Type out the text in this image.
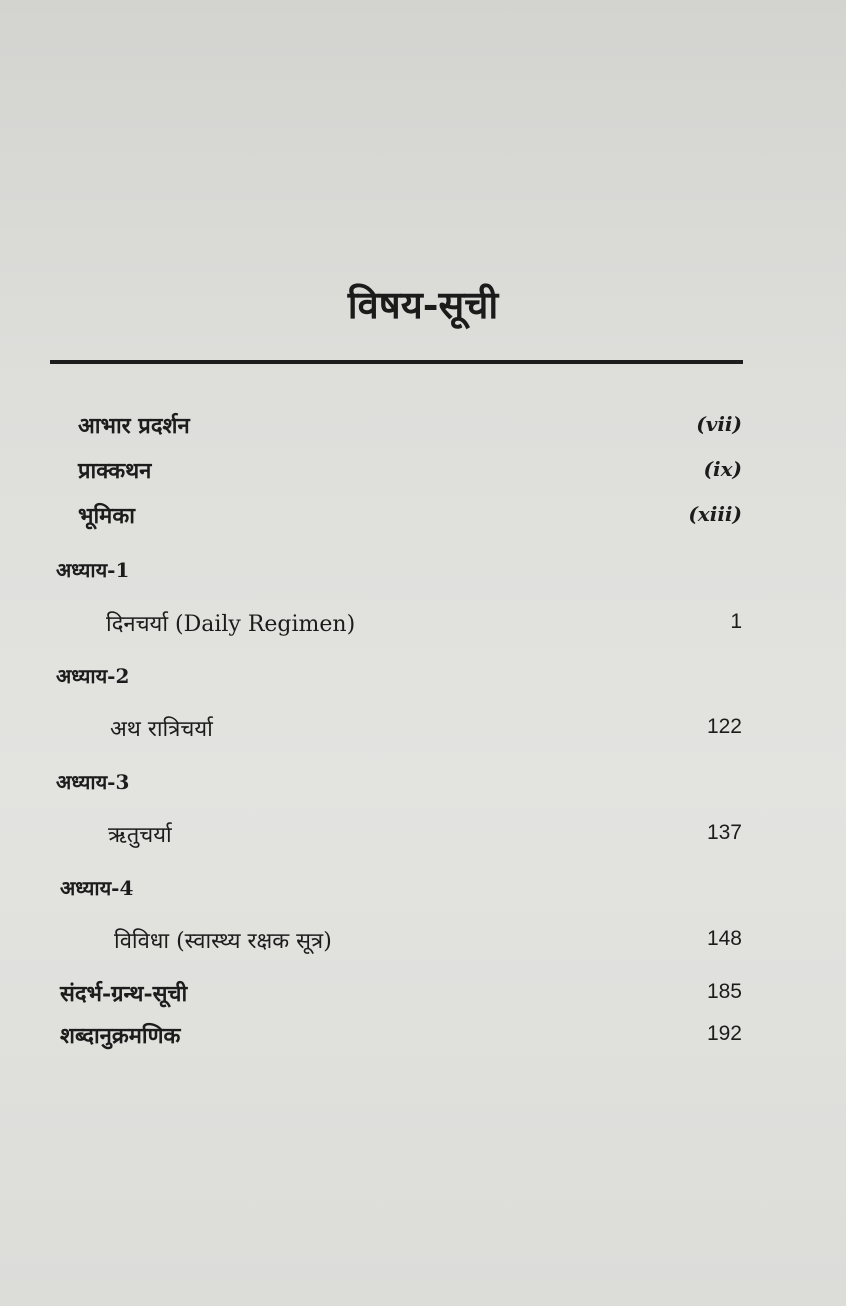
विषय-सूची
आभार प्रदर्शन	(vii)
प्राक्कथन	(ix)
भूमिका	(xiii)
अध्याय-1
दिनचर्या (Daily Regimen)	1
अध्याय-2
अथ रात्रिचर्या	122
अध्याय-3
ऋतुचर्या	137
अध्याय-4
विविधा (स्वास्थ्य रक्षक सूत्र)	148
संदर्भ-ग्रन्थ-सूची	185
शब्दानुक्रमणिक	192
